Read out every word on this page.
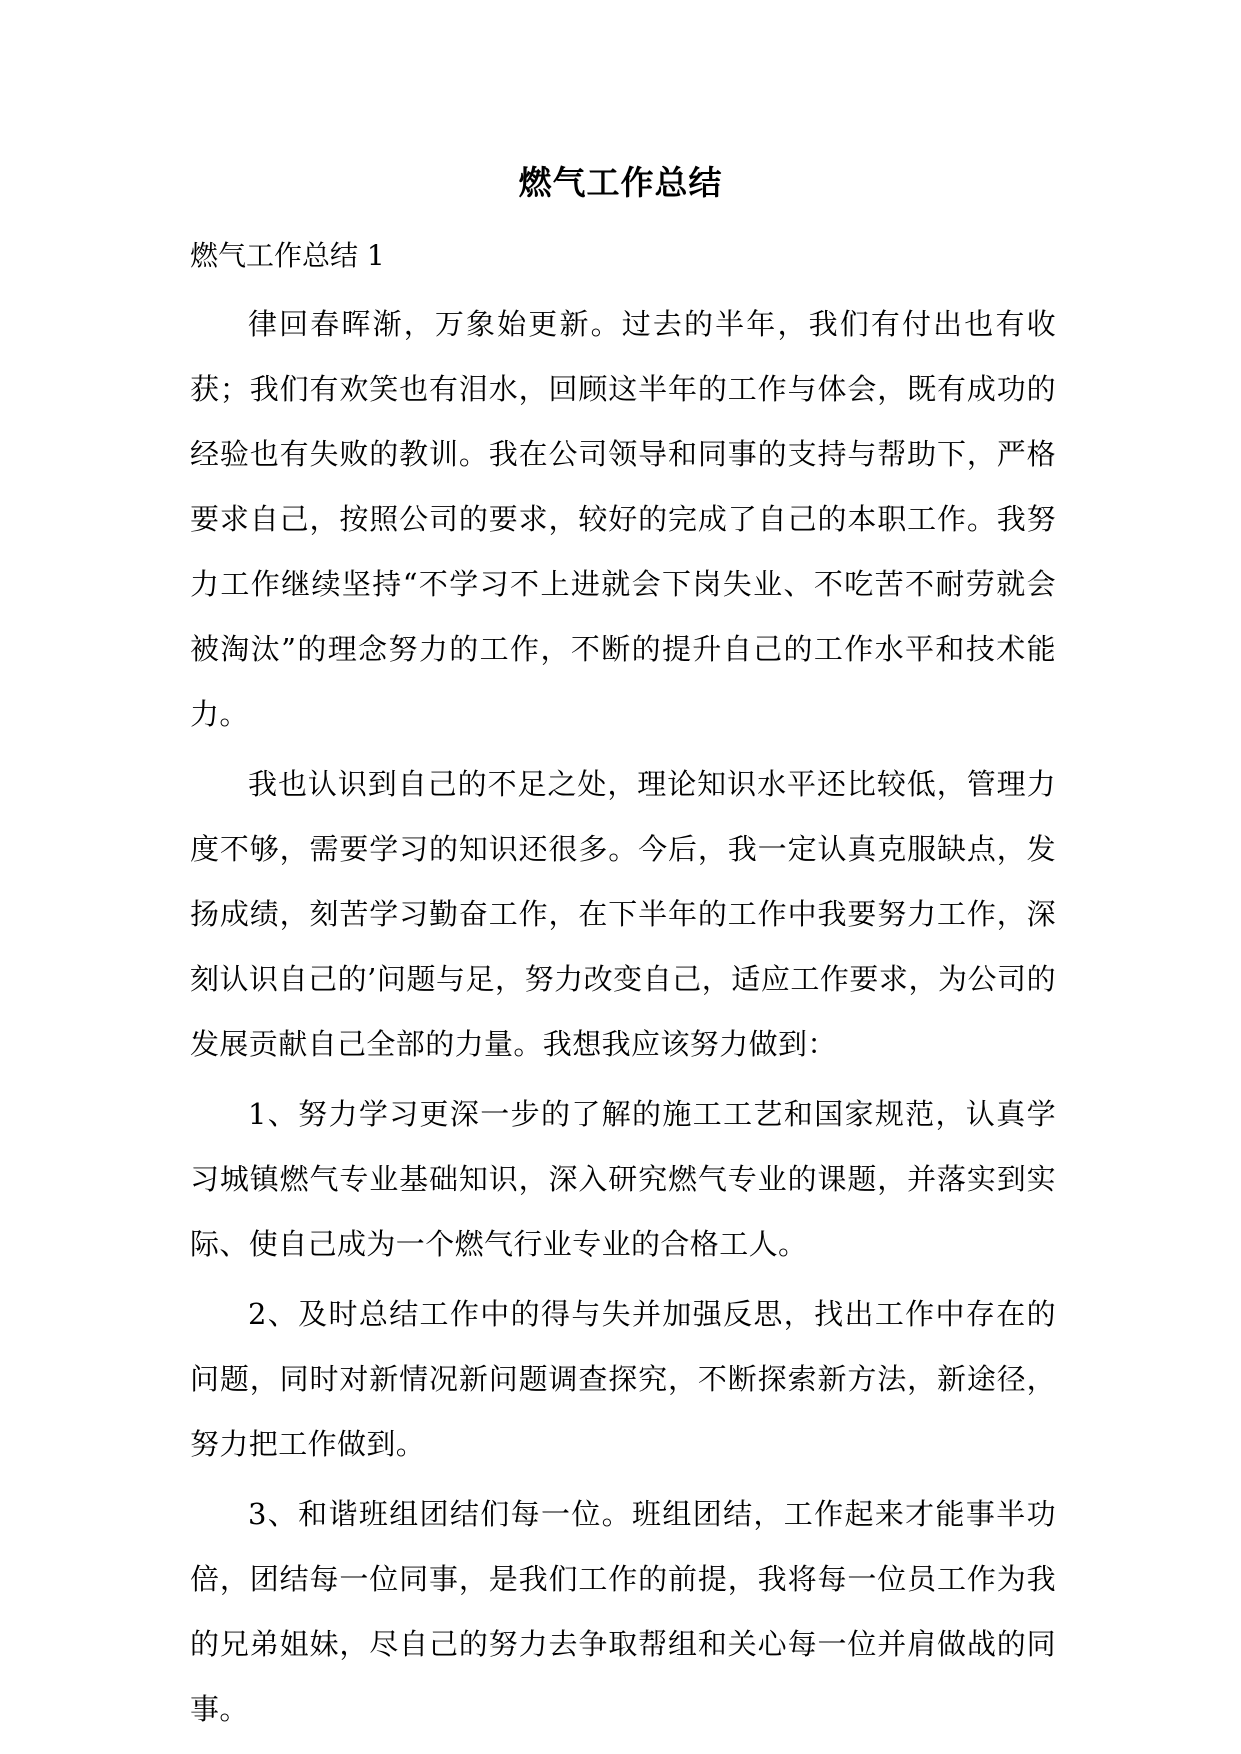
燃气工作总结

燃气工作总结 1

律回春晖渐，万象始更新。过去的半年，我们有付出也有收获；我们有欢笑也有泪水，回顾这半年的工作与体会，既有成功的经验也有失败的教训。我在公司领导和同事的支持与帮助下，严格要求自己，按照公司的要求，较好的完成了自己的本职工作。我努力工作继续坚持“不学习不上进就会下岗失业、不吃苦不耐劳就会被淘汰”的理念努力的工作，不断的提升自己的工作水平和技术能力。

我也认识到自己的不足之处，理论知识水平还比较低，管理力度不够，需要学习的知识还很多。今后，我一定认真克服缺点，发扬成绩，刻苦学习勤奋工作，在下半年的工作中我要努力工作，深刻认识自己的’问题与足，努力改变自己，适应工作要求，为公司的发展贡献自己全部的力量。我想我应该努力做到：

1、努力学习更深一步的了解的施工工艺和国家规范，认真学习城镇燃气专业基础知识，深入研究燃气专业的课题，并落实到实际、使自己成为一个燃气行业专业的合格工人。

2、及时总结工作中的得与失并加强反思，找出工作中存在的问题，同时对新情况新问题调查探究，不断探索新方法，新途径，努力把工作做到。

3、和谐班组团结们每一位。班组团结，工作起来才能事半功倍，团结每一位同事，是我们工作的前提，我将每一位员工作为我的兄弟姐妹，尽自己的努力去争取帮组和关心每一位并肩做战的同事。
